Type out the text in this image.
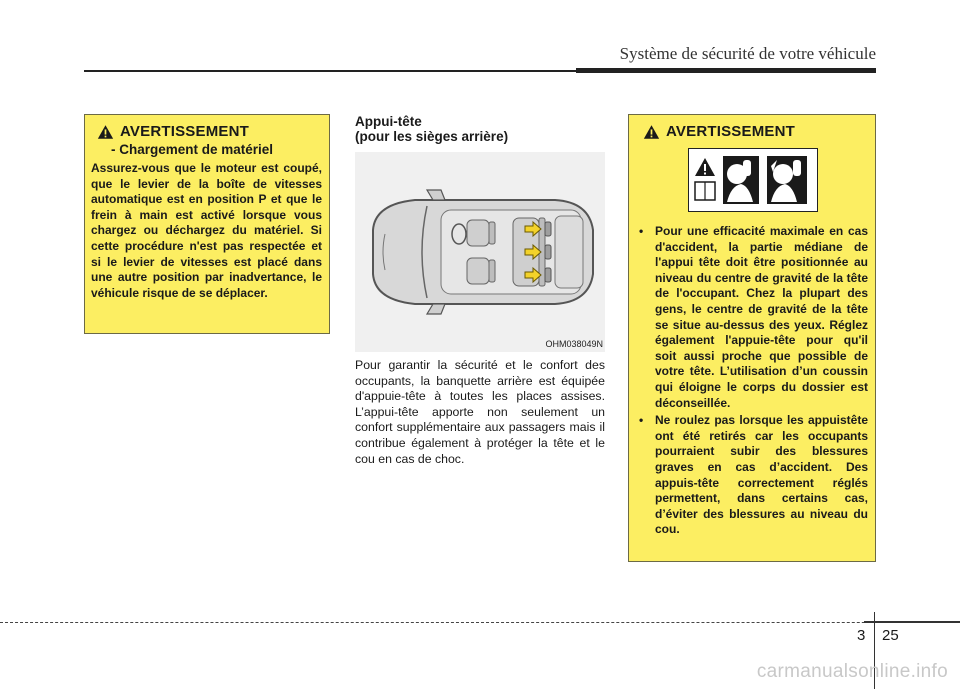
Système de sécurité de votre véhicule
AVERTISSEMENT
- Chargement de matériel
Assurez-vous que le moteur est coupé, que le levier de la boîte de vitesses automatique est en position P et que le frein à main est activé lorsque vous chargez ou déchargez du matériel. Si cette procédure n'est pas respectée et si le levier de vitesses est placé dans une autre position par inadvertance, le véhicule risque de se déplacer.
Appui-tête
(pour les sièges arrière)
OHM038049N
Pour garantir la sécurité et le confort des occupants, la banquette arrière est équipée d'appuie-tête à toutes les places assises. L’appui-tête apporte non seulement un confort supplémentaire aux passagers mais il contribue également à protéger la tête et le cou en cas de choc.
AVERTISSEMENT
• Pour une efficacité maximale en cas d'accident, la partie médiane de l'appui tête doit être positionnée au niveau du centre de gravité de la tête de l'occupant. Chez la plupart des gens, le centre de gravité de la tête se situe au-dessus des yeux. Réglez également l'appuie-tête pour qu'il soit aussi proche que possible de votre tête. L’utilisation d’un coussin qui éloigne le corps du dossier est déconseillée.
• Ne roulez pas lorsque les appuistête ont été retirés car les occupants pourraient subir des blessures graves en cas d’accident. Des appuis-tête correctement réglés permettent, dans certains cas, d’éviter des blessures au niveau du cou.
3 25
carmanualsonline.info
